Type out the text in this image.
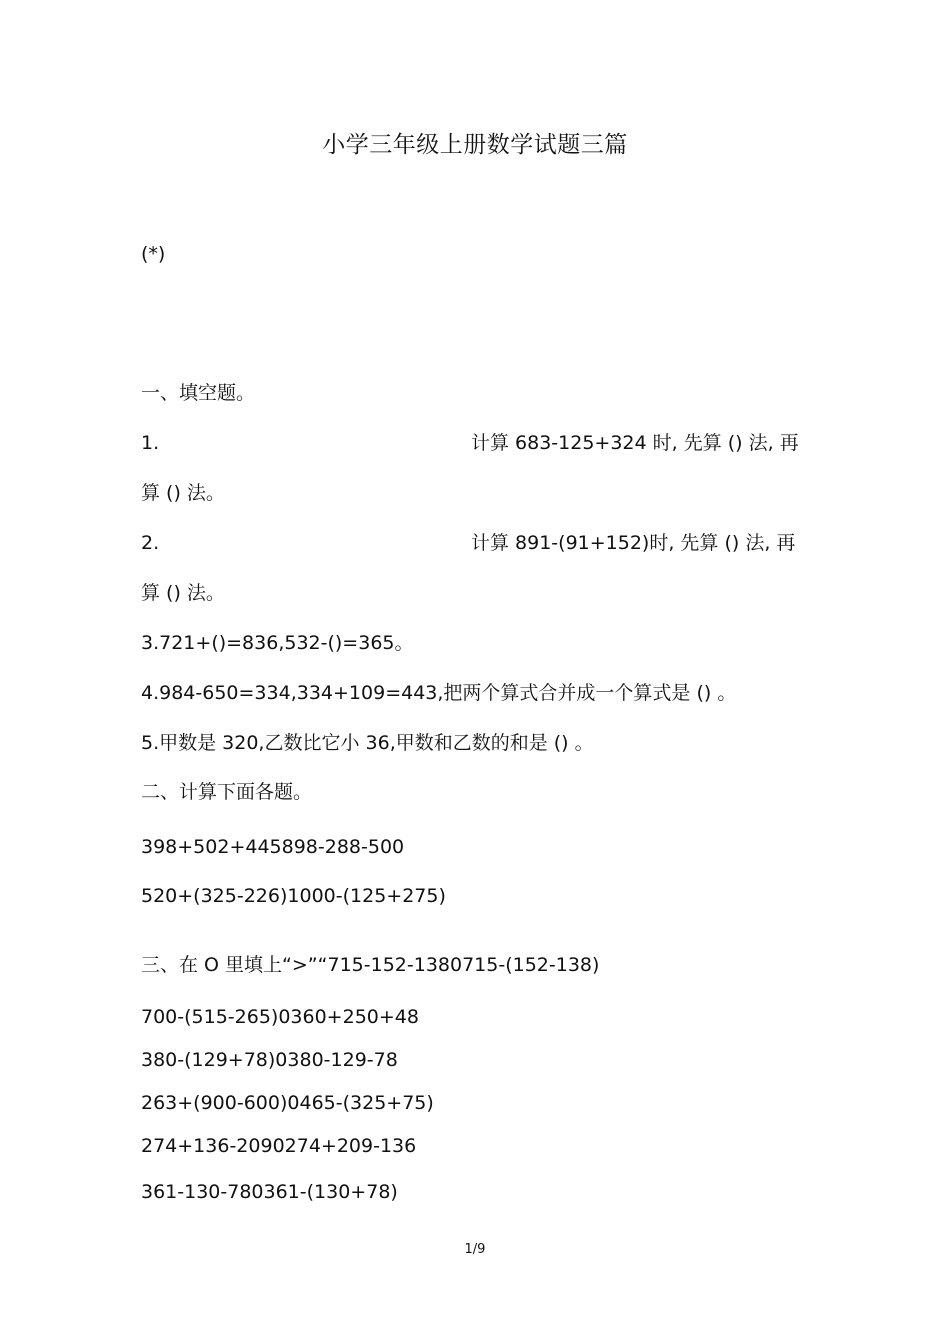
小学三年级上册数学试题三篇
(*)
一、填空题。
1.	计算 683-125+324 时, 先算 () 法, 再
算 () 法。
2.	计算 891-(91+152)时, 先算 () 法, 再
算 () 法。
3.721+()=836,532-()=365。
4.984-650=334,334+109=443,把两个算式合并成一个算式是 () 。
5.甲数是 320,乙数比它小 36,甲数和乙数的和是 () 。
二、计算下面各题。
398+502+445898-288-500
520+(325-226)1000-(125+275)
三、在 O 里填上“>”“715-152-1380715-(152-138)
700-(515-265)0360+250+48
380-(129+78)0380-129-78
263+(900-600)0465-(325+75)
274+136-2090274+209-136
361-130-780361-(130+78)
1/9
